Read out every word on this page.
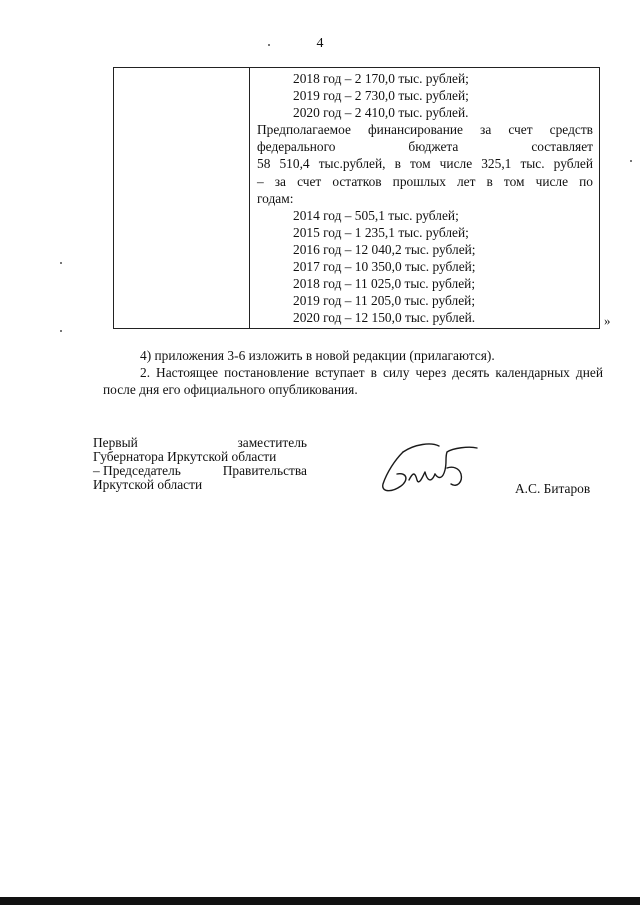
4

2018 год – 2 170,0 тыс. рублей;
2019 год – 2 730,0 тыс. рублей;
2020 год – 2 410,0 тыс. рублей.
Предполагаемое финансирование за счет средств
федерального бюджета составляет
58 510,4 тыс.рублей, в том числе 325,1 тыс. рублей
– за счет остатков прошлых лет в том числе по
годам:
2014 год – 505,1 тыс. рублей;
2015 год – 1 235,1 тыс. рублей;
2016 год – 12 040,2 тыс. рублей;
2017 год – 10 350,0 тыс. рублей;
2018 год – 11 025,0 тыс. рублей;
2019 год – 11 205,0 тыс. рублей;
2020 год – 12 150,0 тыс. рублей.	»
4) приложения 3-6 изложить в новой редакции (прилагаются).
2. Настоящее постановление вступает в силу через десять календарных дней после дня его официального опубликования.
Первый	заместитель
Губернатора Иркутской области
– Председатель	Правительства
Иркутской области	А.С. Битаров
